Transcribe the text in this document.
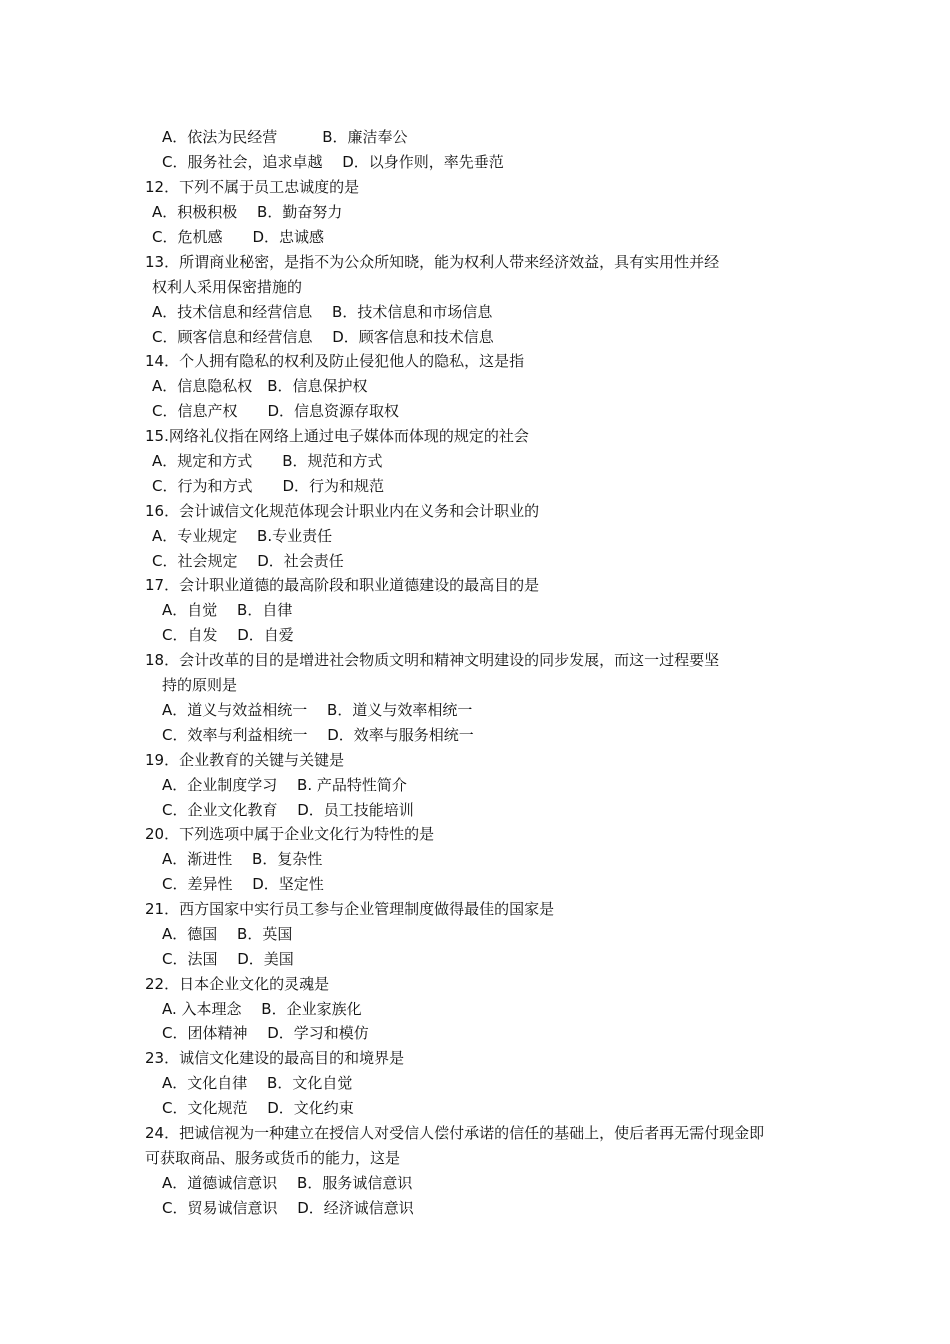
A．依法为民经营　　　B．廉洁奉公
C．服务社会，追求卓越　 D．以身作则，率先垂范
12．下列不属于员工忠诚度的是
A．积极积极　 B．勤奋努力
C．危机感　　D．忠诚感
13．所谓商业秘密，是指不为公众所知晓，能为权利人带来经济效益，具有实用性并经
权利人采用保密措施的
A．技术信息和经营信息　 B．技术信息和市场信息
C．顾客信息和经营信息　 D．顾客信息和技术信息
14．个人拥有隐私的权利及防止侵犯他人的隐私，这是指
A．信息隐私权　B．信息保护权
C．信息产权　　D．信息资源存取权
15.网络礼仪指在网络上通过电子媒体而体现的规定的社会
A．规定和方式　　B．规范和方式
C．行为和方式　　D．行为和规范
16．会计诚信文化规范体现会计职业内在义务和会计职业的
A．专业规定　 B.专业责任
C．社会规定　 D．社会责任
17．会计职业道德的最高阶段和职业道德建设的最高目的是
A．自觉　 B．自律
C．自发　 D．自爱
18．会计改革的目的是增进社会物质文明和精神文明建设的同步发展，而这一过程要坚
持的原则是
A．道义与效益相统一　 B．道义与效率相统一
C．效率与利益相统一　 D．效率与服务相统一
19．企业教育的关键与关键是
A．企业制度学习　 B. 产品特性简介
C．企业文化教育　 D．员工技能培训
20．下列选项中属于企业文化行为特性的是
A．渐进性　 B．复杂性
C．差异性　 D．坚定性
21．西方国家中实行员工参与企业管理制度做得最佳的国家是
A．德国　 B．英国
C．法国　 D．美国
22．日本企业文化的灵魂是
A. 入本理念　 B．企业家族化
C．团体精神　 D．学习和模仿
23．诚信文化建设的最高目的和境界是
A．文化自律　 B．文化自觉
C．文化规范　 D．文化约束
24．把诚信视为一种建立在授信人对受信人偿付承诺的信任的基础上，使后者再无需付现金即
可获取商品、服务或货币的能力，这是
A．道德诚信意识　 B．服务诚信意识
C．贸易诚信意识　 D．经济诚信意识
